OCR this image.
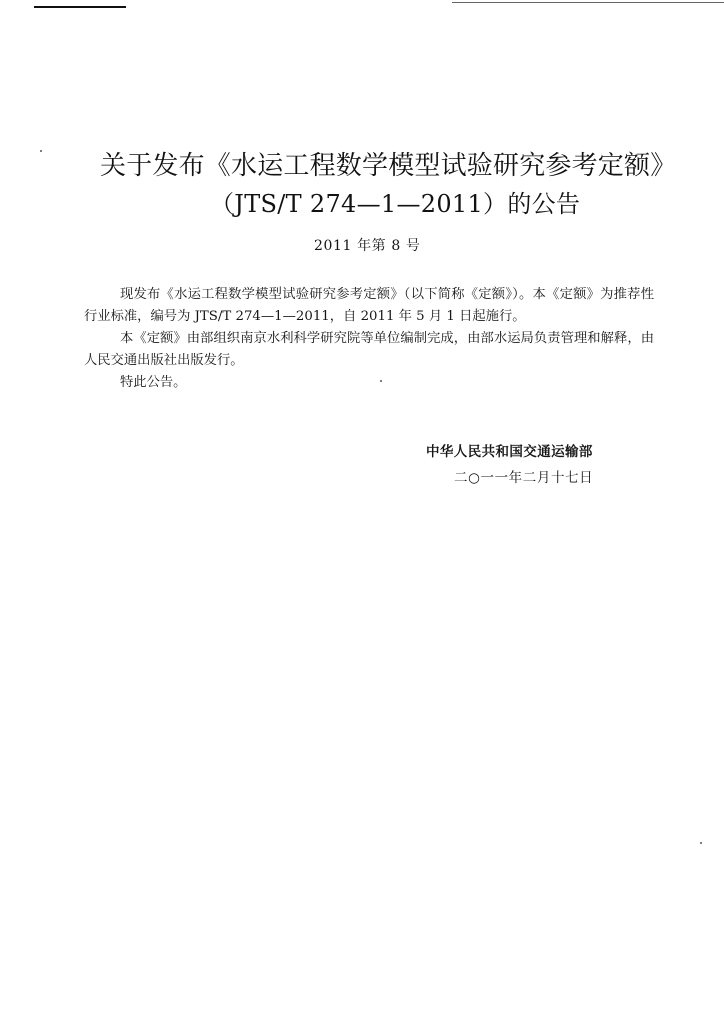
关于发布《水运工程数学模型试验研究参考定额》
（JTS/T 274—1—2011）的公告
2011 年第 8 号

现发布《水运工程数学模型试验研究参考定额》（以下简称《定额》）。本《定额》为推荐性行业标准，编号为 JTS/T 274—1—2011，自 2011 年 5 月 1 日起施行。

本《定额》由部组织南京水利科学研究院等单位编制完成，由部水运局负责管理和解释，由人民交通出版社出版发行。

特此公告。

中华人民共和国交通运输部

二○一一年二月十七日
